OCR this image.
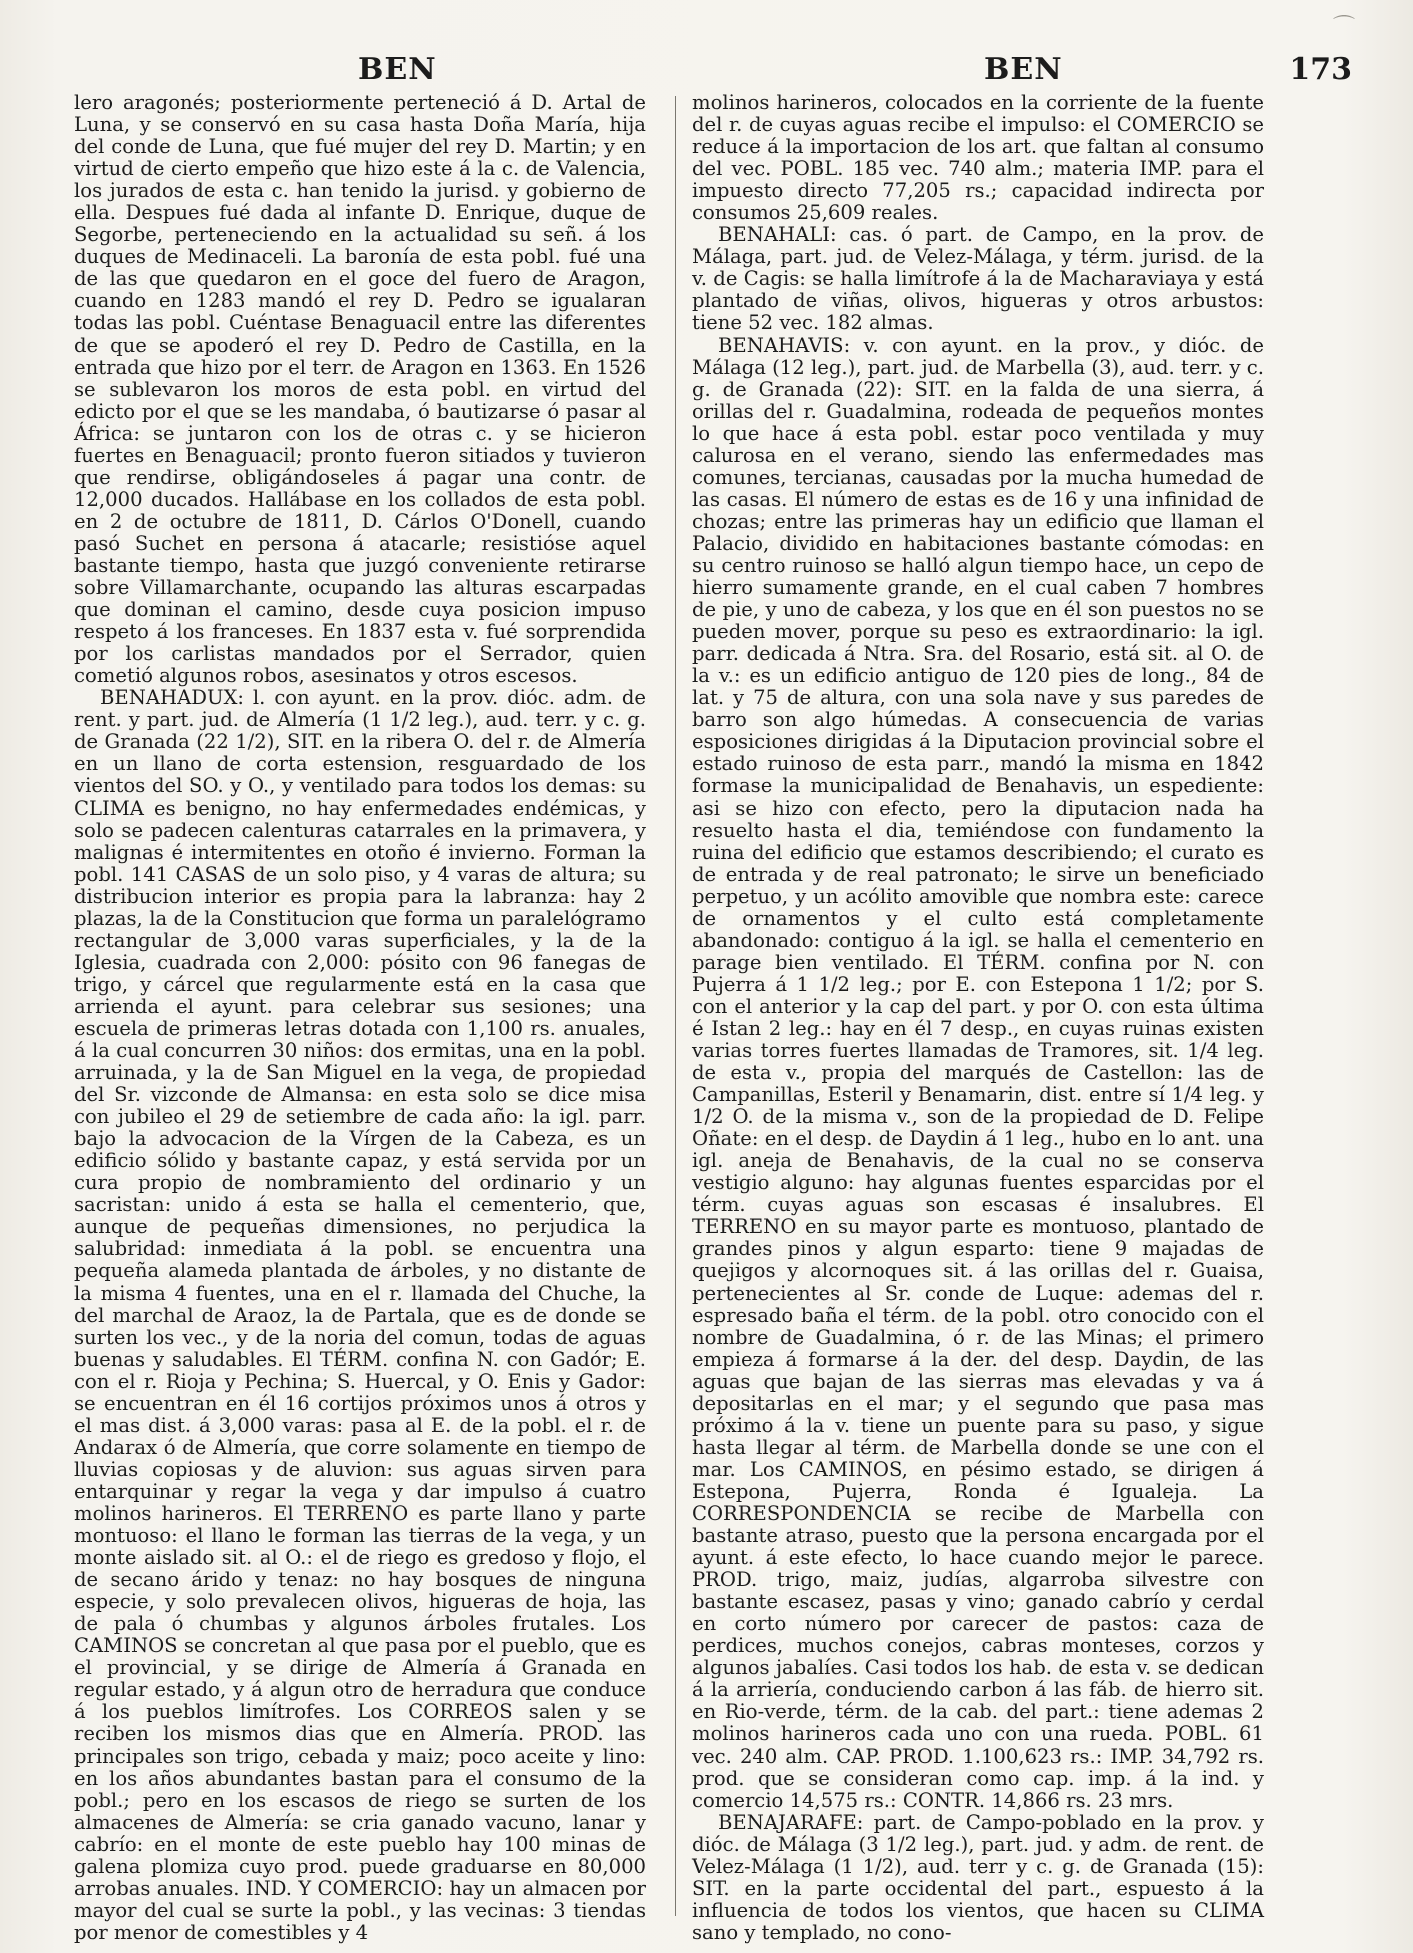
⌒
BEN	BEN	173

lero aragonés; posteriormente perteneció á D. Artal de Luna, y se conservó en su casa hasta Doña María, hija del conde de Luna, que fué mujer del rey D. Martin; y en virtud de cierto empeño que hizo este á la c. de Valencia, los jurados de esta c. han tenido la jurisd. y gobierno de ella. Despues fué dada al infante D. Enrique, duque de Segorbe, perteneciendo en la actualidad su señ. á los duques de Medinaceli. La baronía de esta pobl. fué una de las que quedaron en el goce del fuero de Aragon, cuando en 1283 mandó el rey D. Pedro se igualaran todas las pobl. Cuéntase Benaguacil entre las diferentes de que se apoderó el rey D. Pedro de Castilla, en la entrada que hizo por el terr. de Aragon en 1363. En 1526 se sublevaron los moros de esta pobl. en virtud del edicto por el que se les mandaba, ó bautizarse ó pasar al África: se juntaron con los de otras c. y se hicieron fuertes en Benaguacil; pronto fueron sitiados y tuvieron que rendirse, obligándoseles á pagar una contr. de 12,000 ducados. Hallábase en los collados de esta pobl. en 2 de octubre de 1811, D. Cárlos O'Donell, cuando pasó Suchet en persona á atacarle; resistióse aquel bastante tiempo, hasta que juzgó conveniente retirarse sobre Villamarchante, ocupando las alturas escarpadas que dominan el camino, desde cuya posicion impuso respeto á los franceses. En 1837 esta v. fué sorprendida por los carlistas mandados por el Serrador, quien cometió algunos robos, asesinatos y otros escesos.

BENAHADUX: l. con ayunt. en la prov. dióc. adm. de rent. y part. jud. de Almería (1 1/2 leg.), aud. terr. y c. g. de Granada (22 1/2), SIT. en la ribera O. del r. de Almería en un llano de corta estension, resguardado de los vientos del SO. y O., y ventilado para todos los demas: su CLIMA es benigno, no hay enfermedades endémicas, y solo se padecen calenturas catarrales en la primavera, y malignas é intermitentes en otoño é invierno. Forman la pobl. 141 CASAS de un solo piso, y 4 varas de altura; su distribucion interior es propia para la labranza: hay 2 plazas, la de la Constitucion que forma un paralelógramo rectangular de 3,000 varas superficiales, y la de la Iglesia, cuadrada con 2,000: pósito con 96 fanegas de trigo, y cárcel que regularmente está en la casa que arrienda el ayunt. para celebrar sus sesiones; una escuela de primeras letras dotada con 1,100 rs. anuales, á la cual concurren 30 niños: dos ermitas, una en la pobl. arruinada, y la de San Miguel en la vega, de propiedad del Sr. vizconde de Almansa: en esta solo se dice misa con jubileo el 29 de setiembre de cada año: la igl. parr. bajo la advocacion de la Vírgen de la Cabeza, es un edificio sólido y bastante capaz, y está servida por un cura propio de nombramiento del ordinario y un sacristan: unido á esta se halla el cementerio, que, aunque de pequeñas dimensiones, no perjudica la salubridad: inmediata á la pobl. se encuentra una pequeña alameda plantada de árboles, y no distante de la misma 4 fuentes, una en el r. llamada del Chuche, la del marchal de Araoz, la de Partala, que es de donde se surten los vec., y de la noria del comun, todas de aguas buenas y saludables. El TÉRM. confina N. con Gadór; E. con el r. Rioja y Pechina; S. Huercal, y O. Enis y Gador: se encuentran en él 16 cortijos próximos unos á otros y el mas dist. á 3,000 varas: pasa al E. de la pobl. el r. de Andarax ó de Almería, que corre solamente en tiempo de lluvias copiosas y de aluvion: sus aguas sirven para entarquinar y regar la vega y dar impulso á cuatro molinos harineros. El TERRENO es parte llano y parte montuoso: el llano le forman las tierras de la vega, y un monte aislado sit. al O.: el de riego es gredoso y flojo, el de secano árido y tenaz: no hay bosques de ninguna especie, y solo prevalecen olivos, higueras de hoja, las de pala ó chumbas y algunos árboles frutales. Los CAMINOS se concretan al que pasa por el pueblo, que es el provincial, y se dirige de Almería á Granada en regular estado, y á algun otro de herradura que conduce á los pueblos limítrofes. Los CORREOS salen y se reciben los mismos dias que en Almería. PROD. las principales son trigo, cebada y maiz; poco aceite y lino: en los años abundantes bastan para el consumo de la pobl.; pero en los escasos de riego se surten de los almacenes de Almería: se cria ganado vacuno, lanar y cabrío: en el monte de este pueblo hay 100 minas de galena plomiza cuyo prod. puede graduarse en 80,000 arrobas anuales. IND. Y COMERCIO: hay un almacen por mayor del cual se surte la pobl., y las vecinas: 3 tiendas por menor de comestibles y 4

molinos harineros, colocados en la corriente de la fuente del r. de cuyas aguas recibe el impulso: el COMERCIO se reduce á la importacion de los art. que faltan al consumo del vec. POBL. 185 vec. 740 alm.; materia IMP. para el impuesto directo 77,205 rs.; capacidad indirecta por consumos 25,609 reales.

BENAHALI: cas. ó part. de Campo, en la prov. de Málaga, part. jud. de Velez-Málaga, y térm. jurisd. de la v. de Cagis: se halla limítrofe á la de Macharaviaya y está plantado de viñas, olivos, higueras y otros arbustos: tiene 52 vec. 182 almas.

BENAHAVIS: v. con ayunt. en la prov., y dióc. de Málaga (12 leg.), part. jud. de Marbella (3), aud. terr. y c. g. de Granada (22): SIT. en la falda de una sierra, á orillas del r. Guadalmina, rodeada de pequeños montes lo que hace á esta pobl. estar poco ventilada y muy calurosa en el verano, siendo las enfermedades mas comunes, tercianas, causadas por la mucha humedad de las casas. El número de estas es de 16 y una infinidad de chozas; entre las primeras hay un edificio que llaman el Palacio, dividido en habitaciones bastante cómodas: en su centro ruinoso se halló algun tiempo hace, un cepo de hierro sumamente grande, en el cual caben 7 hombres de pie, y uno de cabeza, y los que en él son puestos no se pueden mover, porque su peso es extraordinario: la igl. parr. dedicada á Ntra. Sra. del Rosario, está sit. al O. de la v.: es un edificio antiguo de 120 pies de long., 84 de lat. y 75 de altura, con una sola nave y sus paredes de barro son algo húmedas. A consecuencia de varias esposiciones dirigidas á la Diputacion provincial sobre el estado ruinoso de esta parr., mandó la misma en 1842 formase la municipalidad de Benahavis, un espediente: asi se hizo con efecto, pero la diputacion nada ha resuelto hasta el dia, temiéndose con fundamento la ruina del edificio que estamos describiendo; el curato es de entrada y de real patronato; le sirve un beneficiado perpetuo, y un acólito amovible que nombra este: carece de ornamentos y el culto está completamente abandonado: contiguo á la igl. se halla el cementerio en parage bien ventilado. El TÉRM. confina por N. con Pujerra á 1 1/2 leg.; por E. con Estepona 1 1/2; por S. con el anterior y la cap del part. y por O. con esta última é Istan 2 leg.: hay en él 7 desp., en cuyas ruinas existen varias torres fuertes llamadas de Tramores, sit. 1/4 leg. de esta v., propia del marqués de Castellon: las de Campanillas, Esteril y Benamarin, dist. entre sí 1/4 leg. y 1/2 O. de la misma v., son de la propiedad de D. Felipe Oñate: en el desp. de Daydin á 1 leg., hubo en lo ant. una igl. aneja de Benahavis, de la cual no se conserva vestigio alguno: hay algunas fuentes esparcidas por el térm. cuyas aguas son escasas é insalubres. El TERRENO en su mayor parte es montuoso, plantado de grandes pinos y algun esparto: tiene 9 majadas de quejigos y alcornoques sit. á las orillas del r. Guaisa, pertenecientes al Sr. conde de Luque: ademas del r. espresado baña el térm. de la pobl. otro conocido con el nombre de Guadalmina, ó r. de las Minas; el primero empieza á formarse á la der. del desp. Daydin, de las aguas que bajan de las sierras mas elevadas y va á depositarlas en el mar; y el segundo que pasa mas próximo á la v. tiene un puente para su paso, y sigue hasta llegar al térm. de Marbella donde se une con el mar. Los CAMINOS, en pésimo estado, se dirigen á Estepona, Pujerra, Ronda é Igualeja. La CORRESPONDENCIA se recibe de Marbella con bastante atraso, puesto que la persona encargada por el ayunt. á este efecto, lo hace cuando mejor le parece. PROD. trigo, maiz, judías, algarroba silvestre con bastante escasez, pasas y vino; ganado cabrío y cerdal en corto número por carecer de pastos: caza de perdices, muchos conejos, cabras monteses, corzos y algunos jabalíes. Casi todos los hab. de esta v. se dedican á la arriería, conduciendo carbon á las fáb. de hierro sit. en Rio-verde, térm. de la cab. del part.: tiene ademas 2 molinos harineros cada uno con una rueda. POBL. 61 vec. 240 alm. CAP. PROD. 1.100,623 rs.: IMP. 34,792 rs. prod. que se consideran como cap. imp. á la ind. y comercio 14,575 rs.: CONTR. 14,866 rs. 23 mrs.

BENAJARAFE: part. de Campo-poblado en la prov. y dióc. de Málaga (3 1/2 leg.), part. jud. y adm. de rent. de Velez-Málaga (1 1/2), aud. terr y c. g. de Granada (15): SIT. en la parte occidental del part., espuesto á la influencia de todos los vientos, que hacen su CLIMA sano y templado, no cono-
